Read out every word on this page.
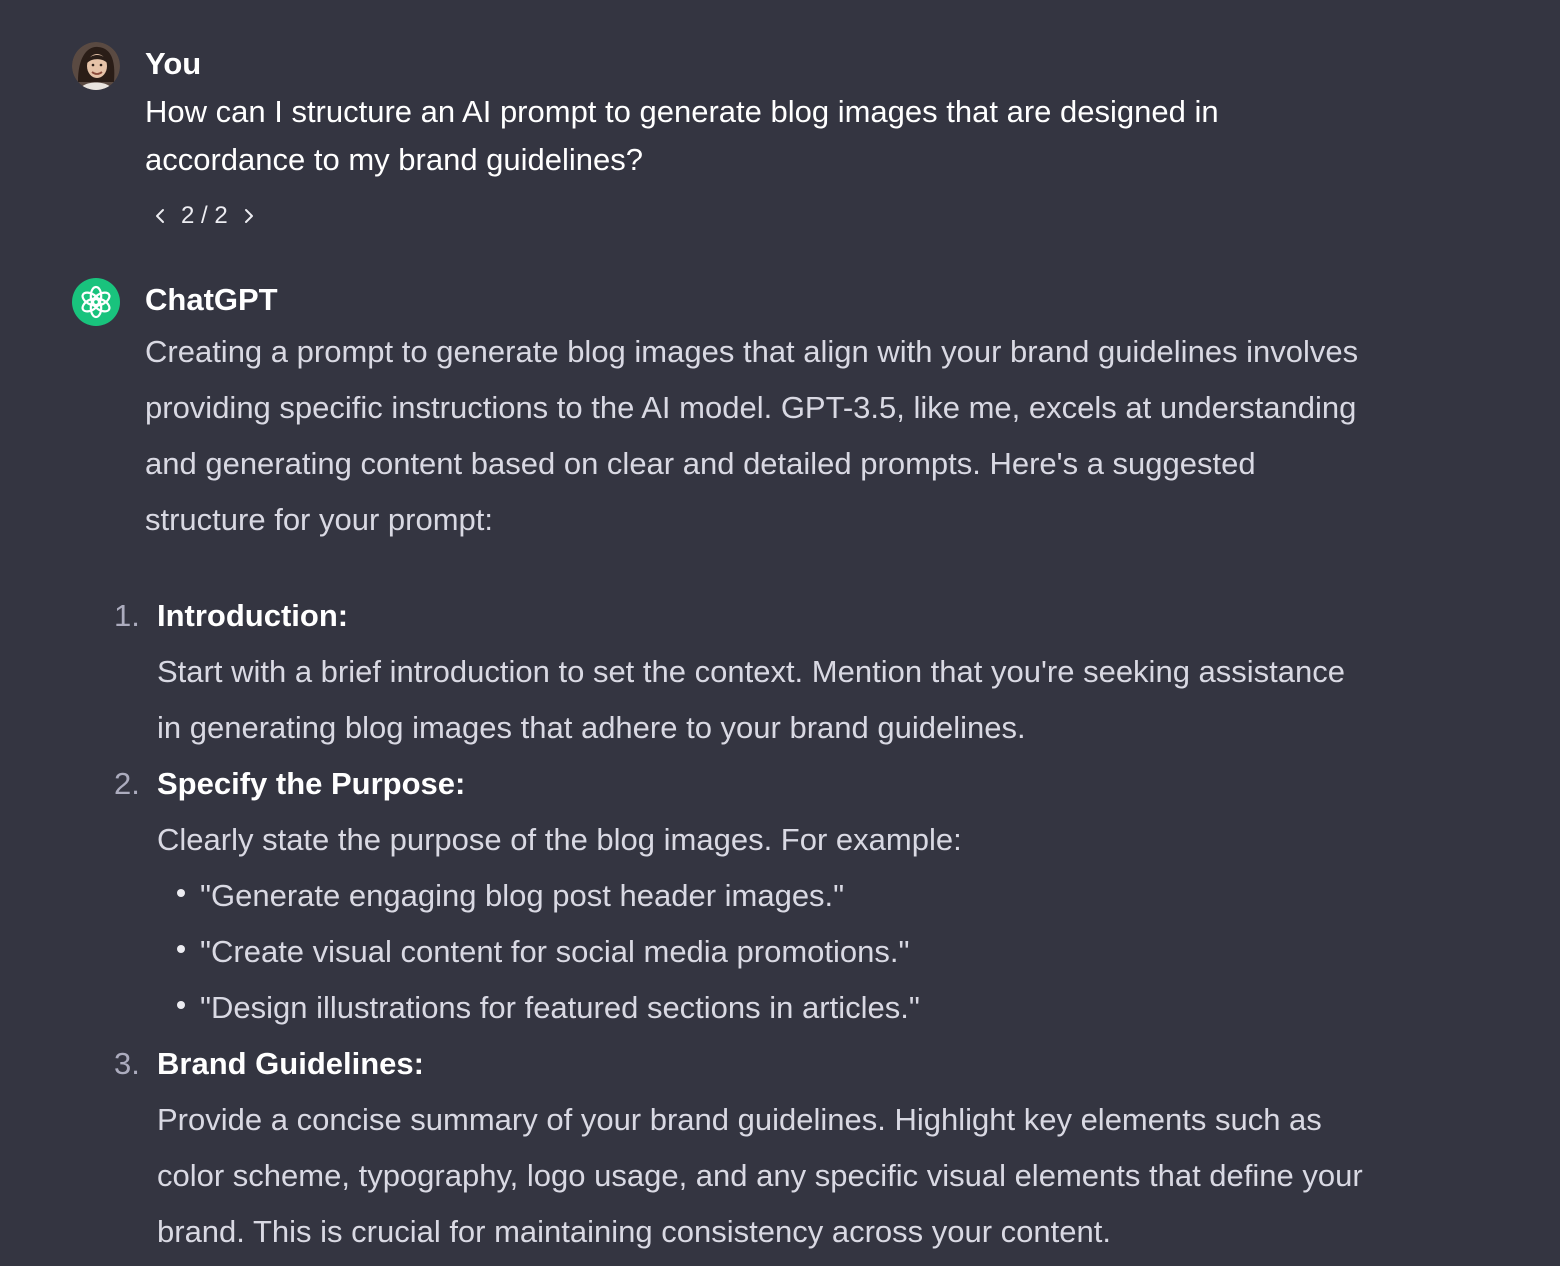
You
How can I structure an AI prompt to generate blog images that are designed in accordance to my brand guidelines?
2 / 2
ChatGPT
Creating a prompt to generate blog images that align with your brand guidelines involves providing specific instructions to the AI model. GPT-3.5, like me, excels at understanding and generating content based on clear and detailed prompts. Here's a suggested structure for your prompt:
1. Introduction:
Start with a brief introduction to set the context. Mention that you're seeking assistance in generating blog images that adhere to your brand guidelines.
2. Specify the Purpose:
Clearly state the purpose of the blog images. For example:
"Generate engaging blog post header images."
"Create visual content for social media promotions."
"Design illustrations for featured sections in articles."
3. Brand Guidelines:
Provide a concise summary of your brand guidelines. Highlight key elements such as color scheme, typography, logo usage, and any specific visual elements that define your brand. This is crucial for maintaining consistency across your content.
